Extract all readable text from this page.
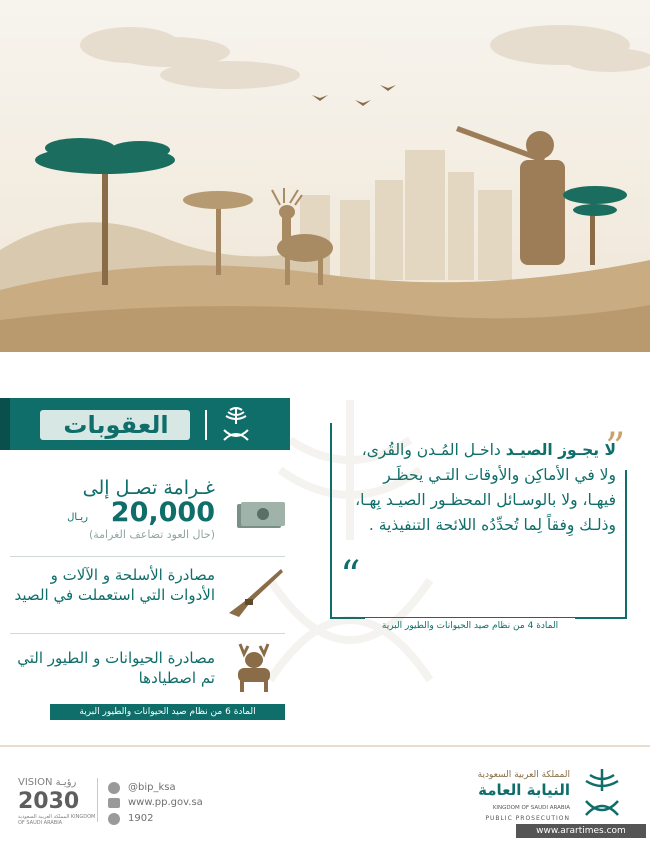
العقوبات
غـرامة تصـل إلى
20,000
ريـال
(حال العود تضاعف الغرامة)
مصادرة الأسلحة و الآلات و الأدوات التي استعملت في الصيد
مصادرة الحيوانات و الطيور التي تم اصطيادها
المادة 6 من نظام صيد الحيوانات والطيور البرية
”
“
لا يجـوز الصيـد داخـل المُـدن والقُرى، ولا في الأماكِن والأوقات التـي يحظَـر فيهـا، ولا بالوسـائل المحظـور الصيـد بِهـا، وذلـك وِفقاً لِما تُحدِّدُه اللائحة التنفيذية .
المادة 4 من نظام صيد الحيوانات والطيور البرية
VISION رؤيـة
2030
المملكة العربية السعودية KINGDOM OF SAUDI ARABIA
@bip_ksa
www.pp.gov.sa
1902
المملكة العربية السعودية
النيابة العامة
KINGDOM OF SAUDI ARABIA
PUBLIC PROSECUTION
www.arartimes.com
